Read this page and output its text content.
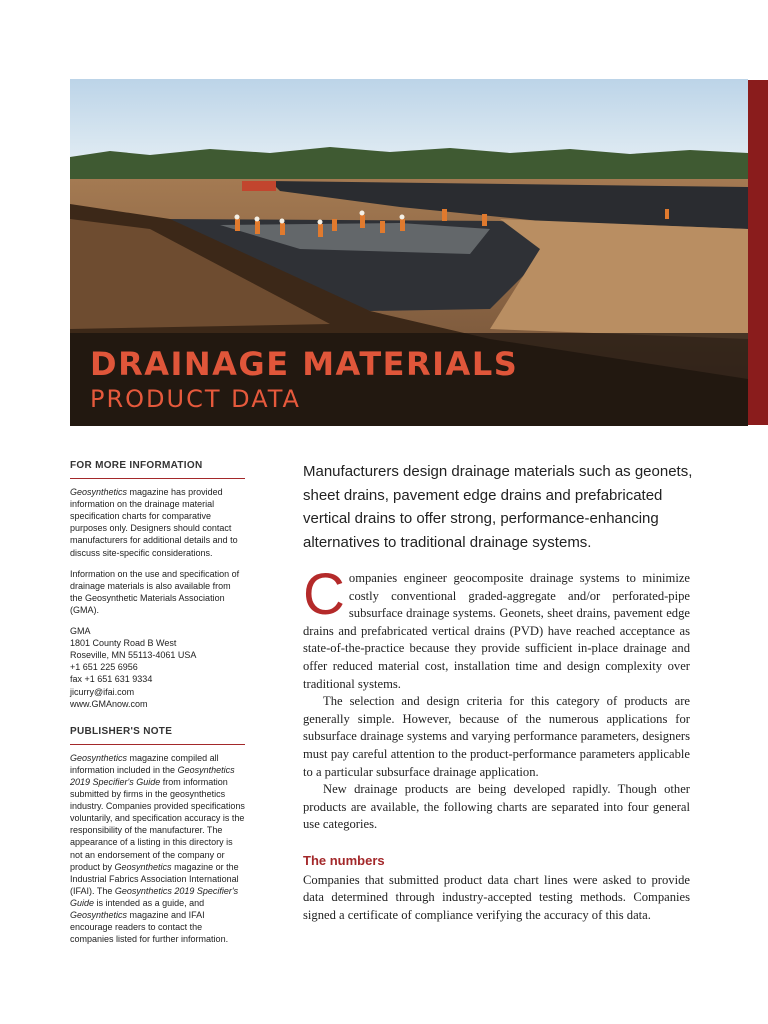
DRAINAGE MATERIALS
PRODUCT DATA
FOR MORE INFORMATION

Geosynthetics magazine has provided information on the drainage material specification charts for comparative purposes only. Designers should contact manufacturers for additional details and to discuss site-specific considerations.

Information on the use and specification of drainage materials is also available from the Geosynthetic Materials Association (GMA).

GMA
1801 County Road B West
Roseville, MN 55113-4061 USA
+1 651 225 6956
fax +1 651 631 9334
jicurry@ifai.com
www.GMAnow.com
PUBLISHER'S NOTE

Geosynthetics magazine compiled all information included in the Geosynthetics 2019 Specifier's Guide from information submitted by firms in the geosynthetics industry. Companies provided specifications voluntarily, and specification accuracy is the responsibility of the manufacturer. The appearance of a listing in this directory is not an endorsement of the company or product by Geosynthetics magazine or the Industrial Fabrics Association International (IFAI). The Geosynthetics 2019 Specifier's Guide is intended as a guide, and Geosynthetics magazine and IFAI encourage readers to contact the companies listed for further information.

Manufacturers design drainage materials such as geonets, sheet drains, pavement edge drains and prefabricated vertical drains to offer strong, performance-enhancing alternatives to traditional drainage systems.

Companies engineer geocomposite drainage systems to minimize costly conventional graded-aggregate and/or perforated-pipe subsurface drainage systems. Geonets, sheet drains, pavement edge drains and prefabricated vertical drains (PVD) have reached acceptance as state-of-the-practice because they provide sufficient in-place drainage and offer reduced material cost, installation time and design complexity over traditional systems.

The selection and design criteria for this category of products are generally simple. However, because of the numerous applications for subsurface drainage systems and varying performance parameters, designers must pay careful attention to the product-performance parameters applicable to a particular subsurface drainage application.

New drainage products are being developed rapidly. Though other products are available, the following charts are separated into four general use categories.

The numbers

Companies that submitted product data chart lines were asked to provide data determined through industry-accepted testing methods. Companies signed a certificate of compliance verifying the accuracy of this data.
